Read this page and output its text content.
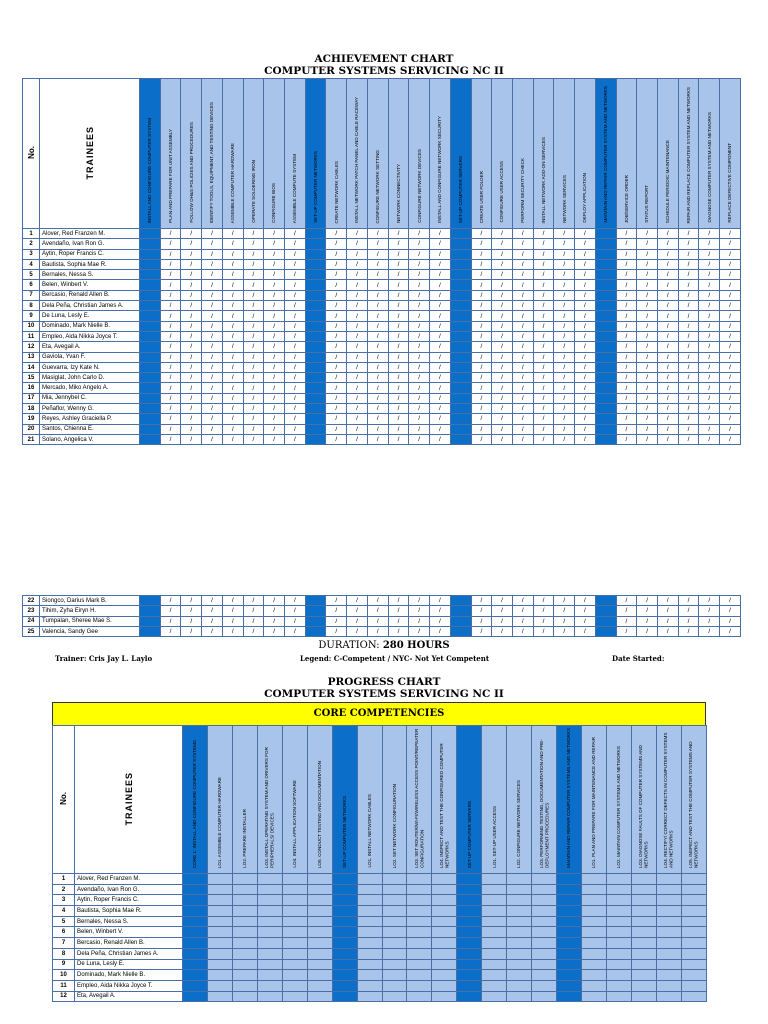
ACHIEVEMENT CHART
COMPUTER SYSTEMS SERVICING NC II
No.	TRAINEES	INSTALL AND CONFIGURE COMPUTER SYSTEM	PLAN AND PREPARE FOR UNIT ASSEMBLY	FOLLOW OH&S POLICIES AND PROCEDURES	IDENTIFY TOOLS, EQUIPMENT, AND TESTING DEVICES	ASSEMBLE COMPUTER HARDWARE	OPERATE SOLDERING IRON	CONFIGURE BIOS	ASSEMBLE COMPUTE SYSTEM	SET-UP COMPUTER NETWORKS	CREATE NETWORK CABLES	INSTALL NETWORK PATCH PANEL AND CABLE RACEWAY	CONFIGURE NETWORK SETTING	NETWORK CONNECTIVITY	CONFIGURE NETWORK DEVICES	INSTALL AND CONFIGURE NETWORK SECURITY	SET-UP COMPUTER SERVERS	CREATE USER FOLDER	CONFIGURE USER ACCESS	PERFORM SECURITY CHECK	INSTALL NETWORK ADD-ON SERVICES	NETWORK SERVICES	DEPLOY APPLICATION	MAINTAIN AND REPAIR COMPUTER SYSTEM AND NETWORKS	JOB/SERVICE ORDER	STATUS REPORT	SCHEDULE PERIODIC MAINTENANCE	REPAIR AND REPLACE COMPUTER SYSTEM AND NETWORKS	DIAGNOSE COMPUTER SYSTEM AND NETWORKS	REPLACE DEFECTIVE COMPONENT
1	Alover, Red Franzen M.		/	/	/	/	/	/	/		/	/	/	/	/	/		/	/	/	/	/	/		/	/	/	/	/	/
2	Avendaño, Ivan Ron G.		/	/	/	/	/	/	/		/	/	/	/	/	/		/	/	/	/	/	/		/	/	/	/	/	/
3	Aytin, Roper Francis C.		/	/	/	/	/	/	/		/	/	/	/	/	/		/	/	/	/	/	/		/	/	/	/	/	/
4	Bautista, Sophia Mae R.		/	/	/	/	/	/	/		/	/	/	/	/	/		/	/	/	/	/	/		/	/	/	/	/	/
5	Bernales, Nessa S.		/	/	/	/	/	/	/		/	/	/	/	/	/		/	/	/	/	/	/		/	/	/	/	/	/
6	Belen, Winbert V.		/	/	/	/	/	/	/		/	/	/	/	/	/		/	/	/	/	/	/		/	/	/	/	/	/
7	Bercasio, Renald Allen B.		/	/	/	/	/	/	/		/	/	/	/	/	/		/	/	/	/	/	/		/	/	/	/	/	/
8	Dela Peña, Christian James A.		/	/	/	/	/	/	/		/	/	/	/	/	/		/	/	/	/	/	/		/	/	/	/	/	/
9	De Luna, Lesly E.		/	/	/	/	/	/	/		/	/	/	/	/	/		/	/	/	/	/	/		/	/	/	/	/	/
10	Dominado, Mark Nielle B.		/	/	/	/	/	/	/		/	/	/	/	/	/		/	/	/	/	/	/		/	/	/	/	/	/
11	Empleo, Aida Nikka Joyce T.		/	/	/	/	/	/	/		/	/	/	/	/	/		/	/	/	/	/	/		/	/	/	/	/	/
12	Eta, Avegail A.		/	/	/	/	/	/	/		/	/	/	/	/	/		/	/	/	/	/	/		/	/	/	/	/	/
13	Gaviola, Yvan F.		/	/	/	/	/	/	/		/	/	/	/	/	/		/	/	/	/	/	/		/	/	/	/	/	/
14	Guevarra, Izy Kate N.		/	/	/	/	/	/	/		/	/	/	/	/	/		/	/	/	/	/	/		/	/	/	/	/	/
15	Masiglat, John Carlo D.		/	/	/	/	/	/	/		/	/	/	/	/	/		/	/	/	/	/	/		/	/	/	/	/	/
16	Mercado, Miko Angelo A.		/	/	/	/	/	/	/		/	/	/	/	/	/		/	/	/	/	/	/		/	/	/	/	/	/
17	Mia, Jennybel C.		/	/	/	/	/	/	/		/	/	/	/	/	/		/	/	/	/	/	/		/	/	/	/	/	/
18	Peñaflor, Wenny G.		/	/	/	/	/	/	/		/	/	/	/	/	/		/	/	/	/	/	/		/	/	/	/	/	/
19	Reyes, Ashley Graciella P.		/	/	/	/	/	/	/		/	/	/	/	/	/		/	/	/	/	/	/		/	/	/	/	/	/
20	Santos, Chienna E.		/	/	/	/	/	/	/		/	/	/	/	/	/		/	/	/	/	/	/		/	/	/	/	/	/
21	Solano, Angelica V.		/	/	/	/	/	/	/		/	/	/	/	/	/		/	/	/	/	/	/		/	/	/	/	/	/
22	Siongco, Darius Mark B.		/	/	/	/	/	/	/		/	/	/	/	/	/		/	/	/	/	/	/		/	/	/	/	/	/
23	Tihim, Zyha Eiryn H.		/	/	/	/	/	/	/		/	/	/	/	/	/		/	/	/	/	/	/		/	/	/	/	/	/
24	Tumpalan, Sheree Mae S.		/	/	/	/	/	/	/		/	/	/	/	/	/		/	/	/	/	/	/		/	/	/	/	/	/
25	Valencia, Sandy Gee		/	/	/	/	/	/	/		/	/	/	/	/	/		/	/	/	/	/	/		/	/	/	/	/	/
DURATION: 280 HOURS
Trainer: Cris Jay L. Laylo	Legend: C-Competent / NYC- Not Yet Competent	Date Started:
PROGRESS CHART
COMPUTER SYSTEMS SERVICING NC II
CORE COMPETENCIES
No.	TRAINEES	CORE 1: INSTALL AND CONFIGURE COMPUTER SYSTEMS	LO1. ASSEMBLE COMPUTER HARDWARE	LO2. PREPARE INSTALLER	LO3. INSTALL OPERATING SYSTEM AND DRIVERS FOR PERIPHERALS/ DEVICES	LO4. INSTALL APPLICATION SOFTWARE	LO5. CONDUCT TESTING AND DOCUMENTATION	SET-UP COMPUTER NETWORKS	LO1. INSTALL NETWORK CABLES	LO2. SET NETWORK CONFIGURATION	LO3. SET ROUTER/WI-FI/WIRELESS ACCESS POINT/REPEATER CONFIGURATION	LO4. INSPECT AND TEST THE CONFIGURED COMPUTER NETWORKS	SET-UP COMPUTER SERVERS	LO1. SET-UP USER ACCESS	LO2. CONFIGURE NETWORK SERVICES	LO3. PERFORMING TESTING, DOCUMENTATION AND PRE-DEPLOYMENT PROCEDURES	MAINTAIN AND REPAIR COMPUTER SYSTEMS AND NETWORKS	LO1. PLAN AND PREPARE FOR MAINTENANCE AND REPAIR	LO2. MAINTAIN COMPUTER SYSTEMS AND NETWORKS	LO3. DIAGNOSE FAULTS OF COMPUTER SYSTEMS AND NETWORKS	LO4. RECTIFY/ CORRECT DEFECTS IN COMPUTER SYSTEMS AND NETWORKS	LO5. INSPECT AND TEST THE COMPUTER SYSTEMS AND NETWORKS
1	Alover, Red Franzen M.																					
2	Avendaño, Ivan Ron G.																					
3	Aytin, Roper Francis C.																					
4	Bautista, Sophia Mae R.																					
5	Bernales, Nessa S.																					
6	Belen, Winbert V.																					
7	Bercasio, Renald Allen B.																					
8	Dela Peña, Christian James A.																					
9	De Luna, Lesly E.																					
10	Dominado, Mark Nielle B.																					
11	Empleo, Aida Nikka Joyce T.																					
12	Eta, Avegail A.																					
